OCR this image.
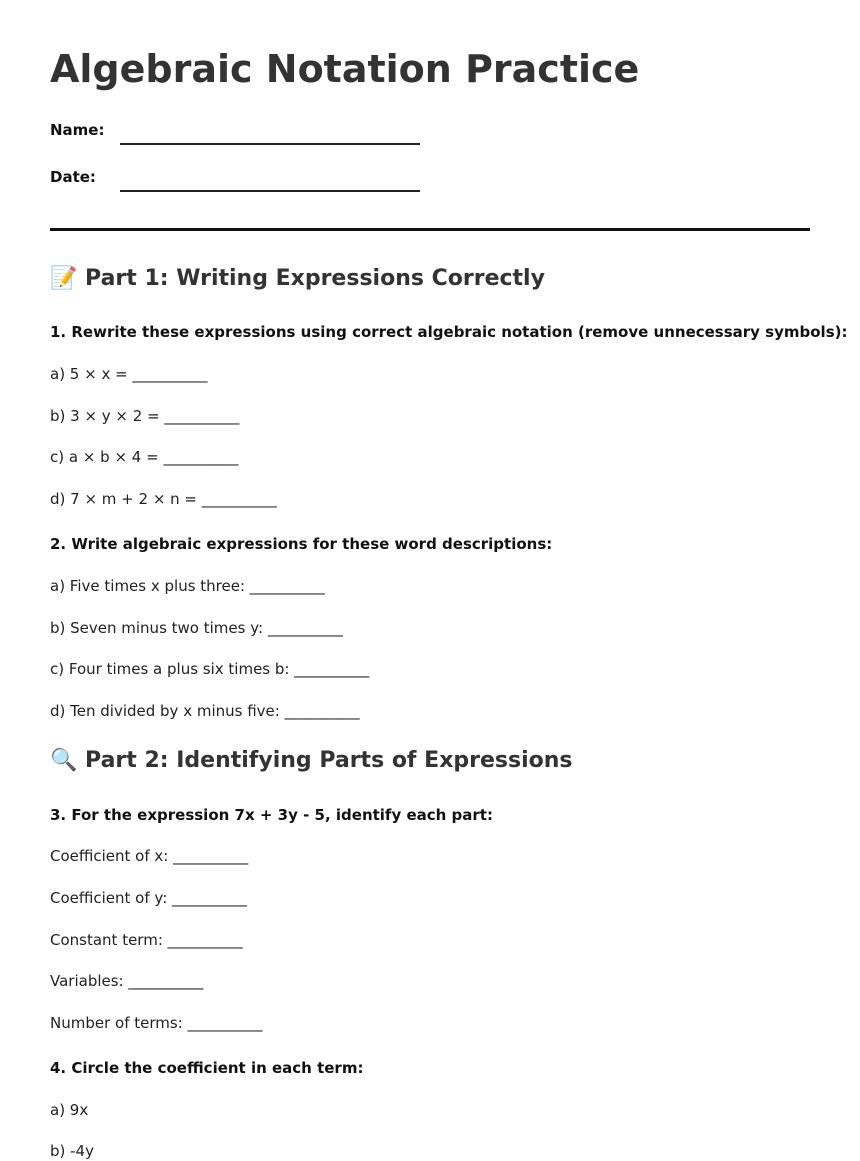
Algebraic Notation Practice
Name:
Date:
📝 Part 1: Writing Expressions Correctly
1. Rewrite these expressions using correct algebraic notation (remove unnecessary symbols):
a) 5 × x = __________
b) 3 × y × 2 = __________
c) a × b × 4 = __________
d) 7 × m + 2 × n = __________
2. Write algebraic expressions for these word descriptions:
a) Five times x plus three: __________
b) Seven minus two times y: __________
c) Four times a plus six times b: __________
d) Ten divided by x minus five: __________
🔍 Part 2: Identifying Parts of Expressions
3. For the expression 7x + 3y - 5, identify each part:
Coefficient of x: __________
Coefficient of y: __________
Constant term: __________
Variables: __________
Number of terms: __________
4. Circle the coefficient in each term:
a) 9x
b) -4y
